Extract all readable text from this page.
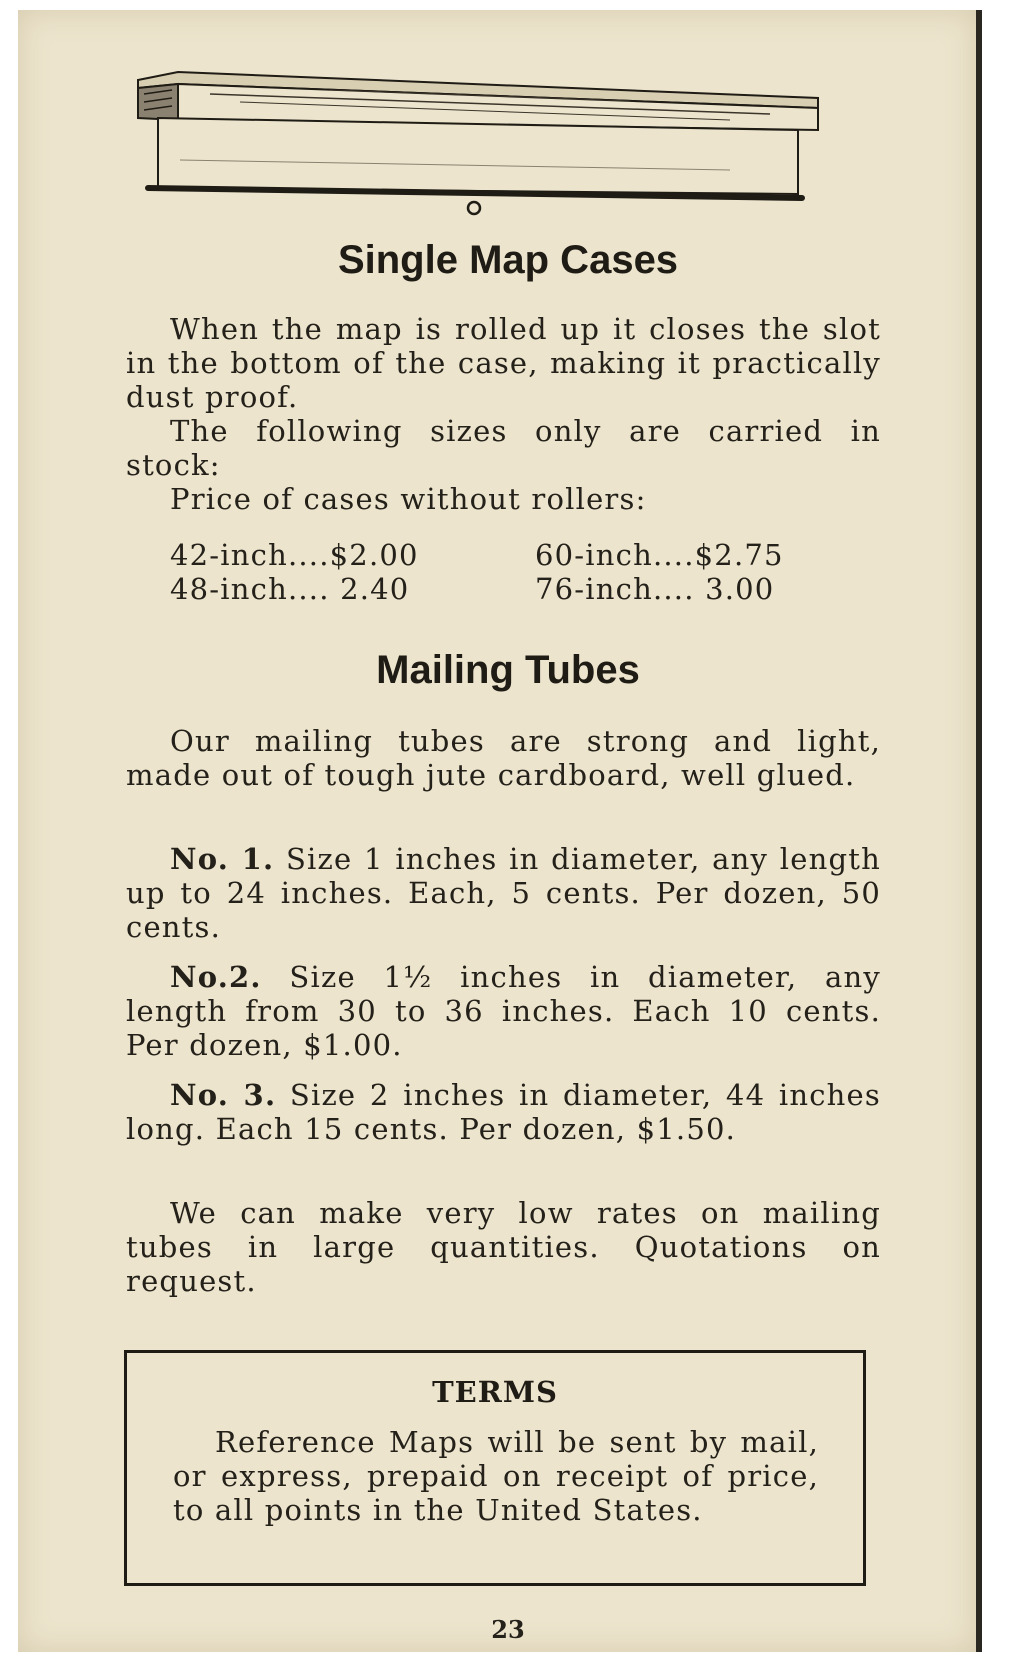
Single Map Cases

When the map is rolled up it closes the slot in the bottom of the case, making it practically dust proof.

The following sizes only are carried in stock:

Price of cases without rollers:

42-inch....$2.00	60-inch....$2.75
48-inch.... 2.40	76-inch.... 3.00
Mailing Tubes

Our mailing tubes are strong and light, made out of tough jute cardboard, well glued.

No. 1. Size 1 inches in diameter, any length up to 24 inches. Each, 5 cents. Per dozen, 50 cents.

No.2. Size 1½ inches in diameter, any length from 30 to 36 inches. Each 10 cents. Per dozen, $1.00.

No. 3. Size 2 inches in diameter, 44 inches long. Each 15 cents. Per dozen, $1.50.

We can make very low rates on mailing tubes in large quantities. Quotations on request.

TERMS

Reference Maps will be sent by mail, or express, prepaid on receipt of price, to all points in the United States.

23
